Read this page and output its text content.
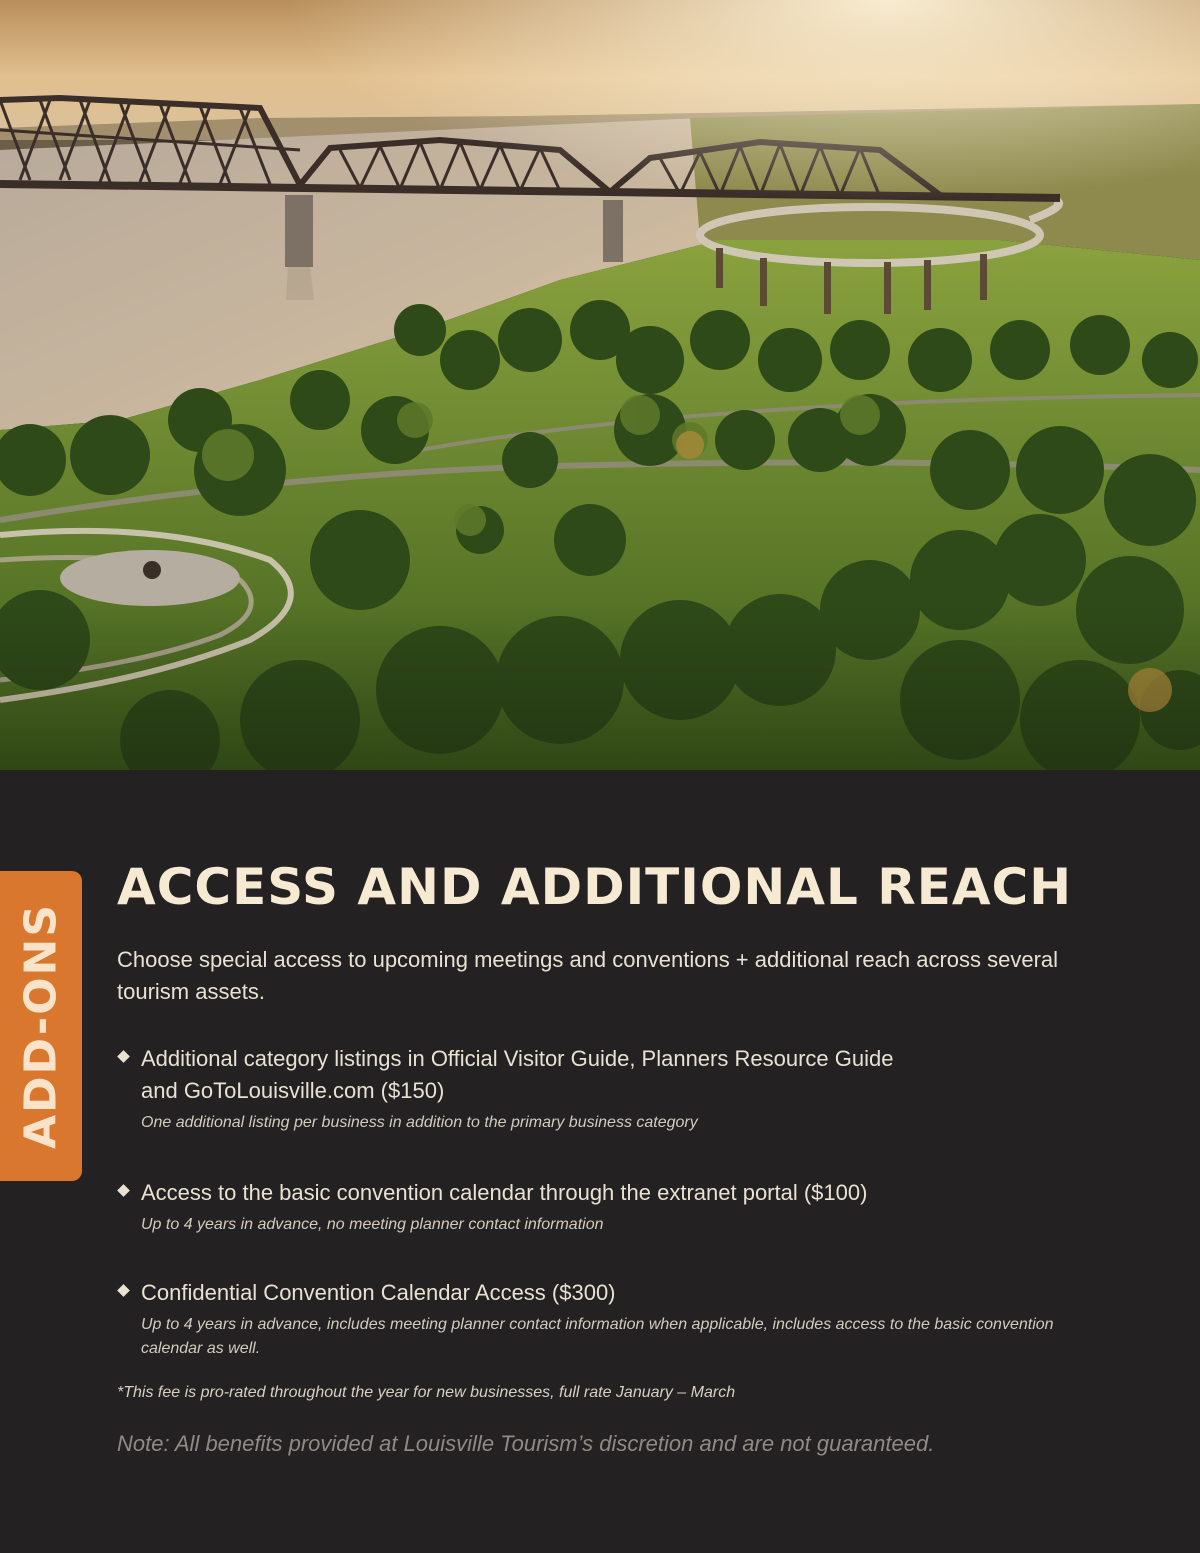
ADD-ONS
ACCESS AND ADDITIONAL REACH

Choose special access to upcoming meetings and conventions + additional reach across several tourism assets.

Additional category listings in Official Visitor Guide, Planners Resource Guide and GoToLouisville.com ($150)

One additional listing per business in addition to the primary business category

Access to the basic convention calendar through the extranet portal ($100)

Up to 4 years in advance, no meeting planner contact information

Confidential Convention Calendar Access ($300)

Up to 4 years in advance, includes meeting planner contact information when applicable, includes access to the basic convention calendar as well.

*This fee is pro-rated throughout the year for new businesses, full rate January – March

Note: All benefits provided at Louisville Tourism’s discretion and are not guaranteed.
